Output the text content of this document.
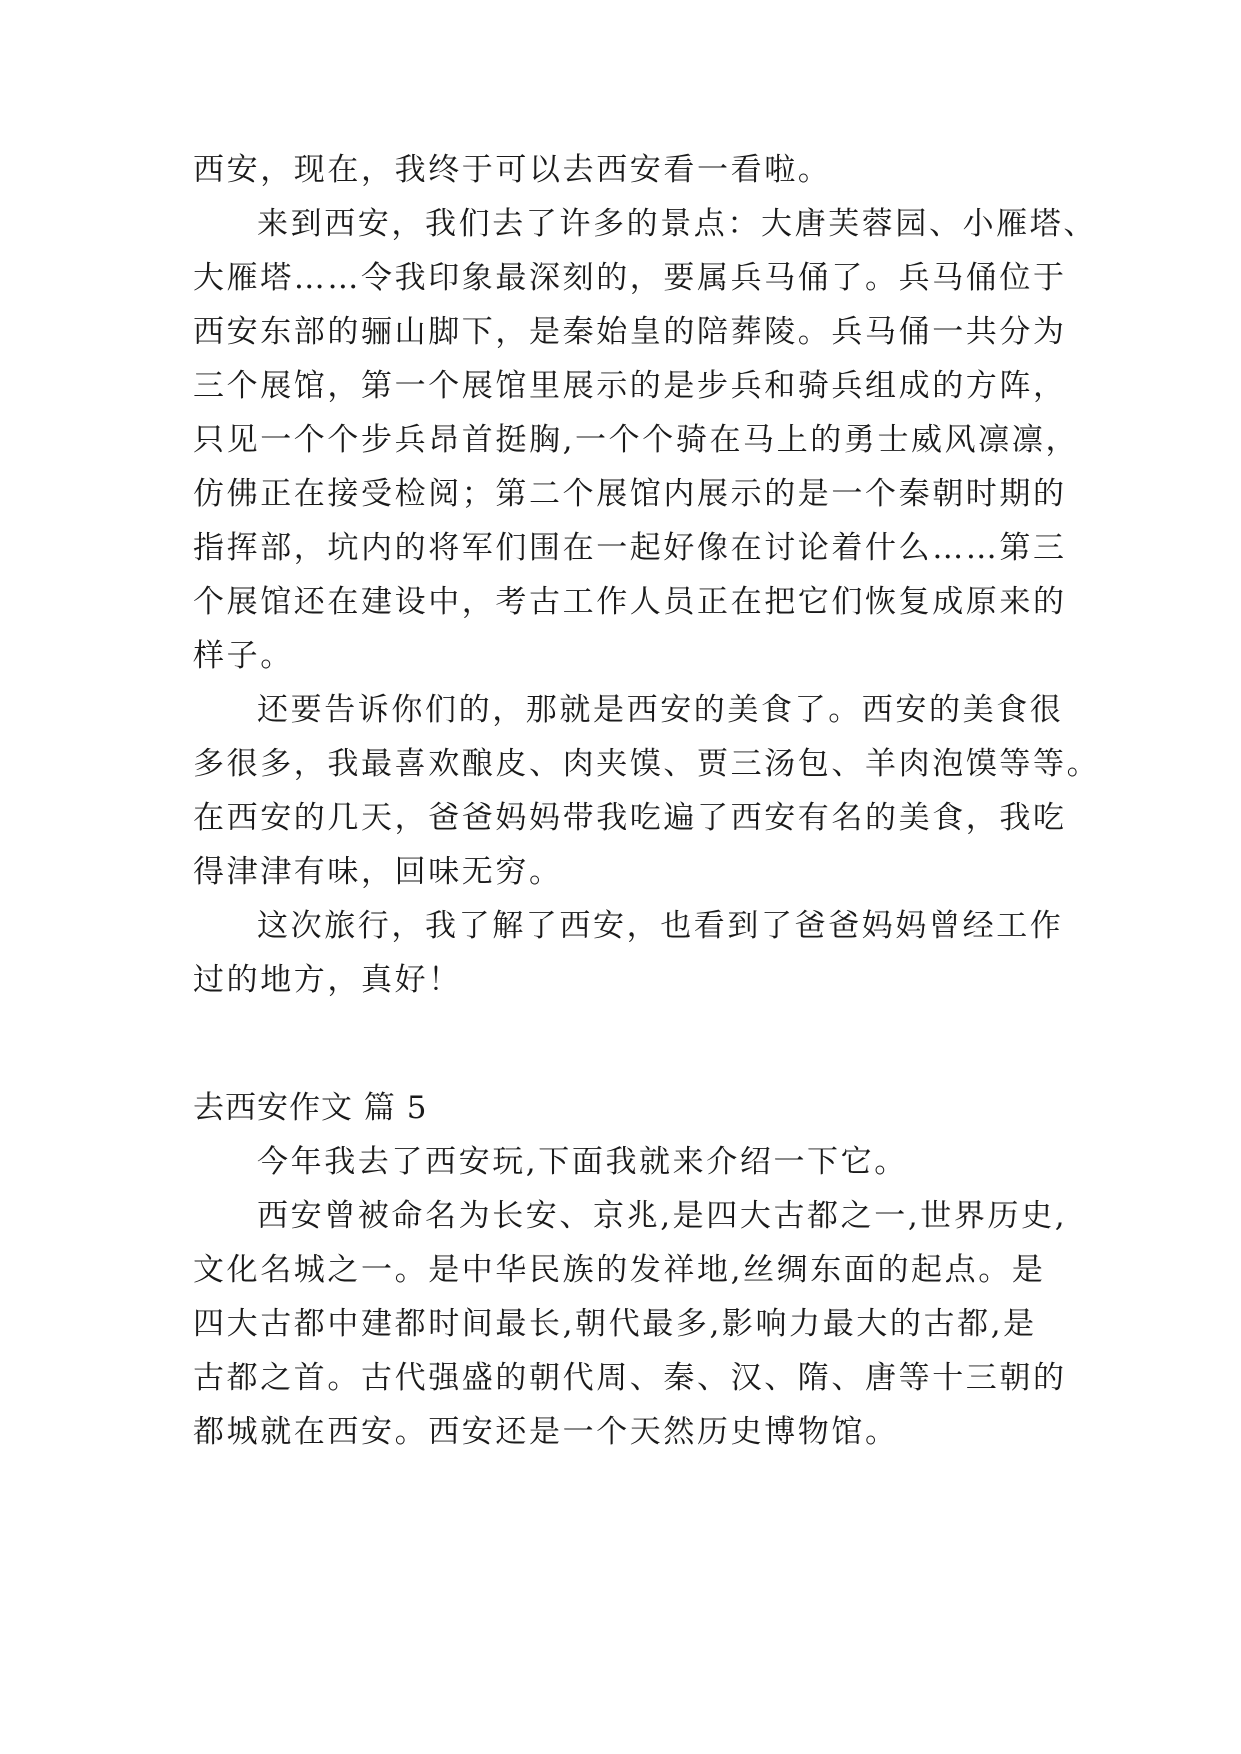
西安，现在，我终于可以去西安看一看啦。
来到西安，我们去了许多的景点：大唐芙蓉园、小雁塔、
大雁塔……令我印象最深刻的，要属兵马俑了。兵马俑位于
西安东部的骊山脚下，是秦始皇的陪葬陵。兵马俑一共分为
三个展馆，第一个展馆里展示的是步兵和骑兵组成的方阵，
只见一个个步兵昂首挺胸,一个个骑在马上的勇士威风凛凛，
仿佛正在接受检阅；第二个展馆内展示的是一个秦朝时期的
指挥部，坑内的将军们围在一起好像在讨论着什么……第三
个展馆还在建设中，考古工作人员正在把它们恢复成原来的
样子。
还要告诉你们的，那就是西安的美食了。西安的美食很
多很多，我最喜欢酿皮、肉夹馍、贾三汤包、羊肉泡馍等等。
在西安的几天，爸爸妈妈带我吃遍了西安有名的美食，我吃
得津津有味，回味无穷。
这次旅行，我了解了西安，也看到了爸爸妈妈曾经工作
过的地方，真好！
去西安作文 篇 5
今年我去了西安玩,下面我就来介绍一下它。
西安曾被命名为长安、京兆,是四大古都之一,世界历史,
文化名城之一。是中华民族的发祥地,丝绸东面的起点。是
四大古都中建都时间最长,朝代最多,影响力最大的古都,是
古都之首。古代强盛的朝代周、秦、汉、隋、唐等十三朝的
都城就在西安。西安还是一个天然历史博物馆。
